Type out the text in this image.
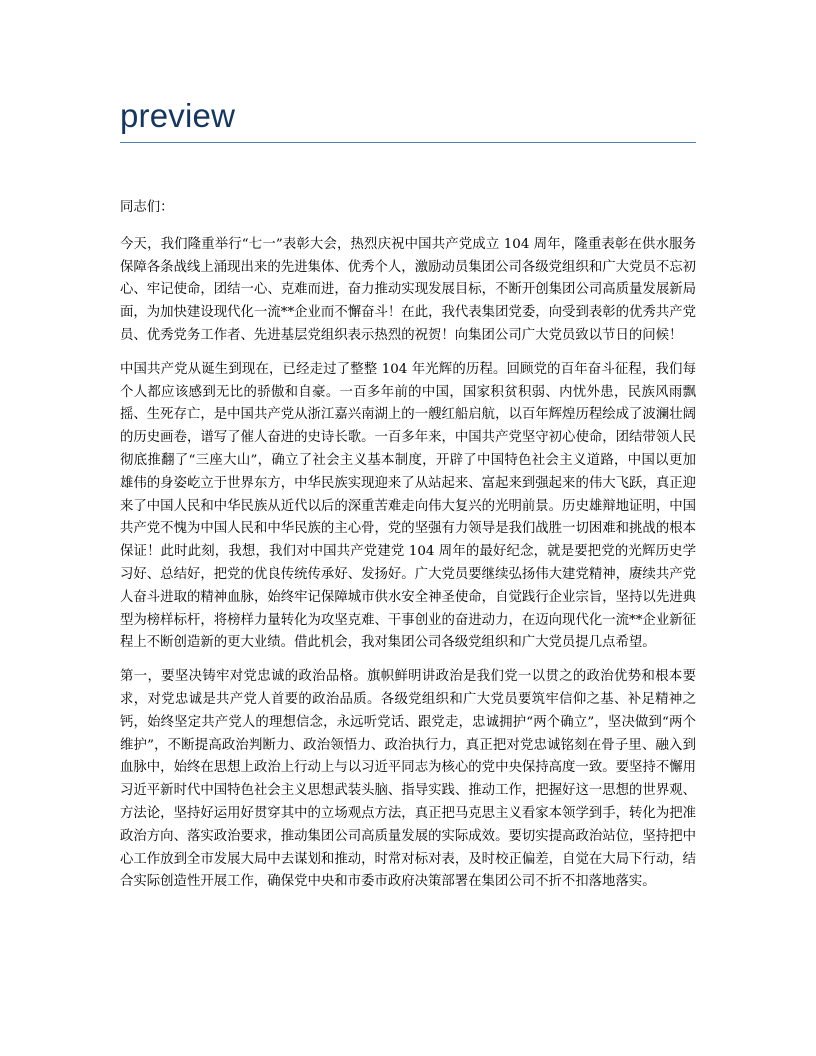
preview

同志们：

今天，我们隆重举行“七一”表彰大会，热烈庆祝中国共产党成立 104 周年，隆重表彰在供水服务保障各条战线上涌现出来的先进集体、优秀个人，激励动员集团公司各级党组织和广大党员不忘初心、牢记使命，团结一心、克难而进，奋力推动实现发展目标，不断开创集团公司高质量发展新局面，为加快建设现代化一流**企业而不懈奋斗！在此，我代表集团党委，向受到表彰的优秀共产党员、优秀党务工作者、先进基层党组织表示热烈的祝贺！向集团公司广大党员致以节日的问候！

中国共产党从诞生到现在，已经走过了整整 104 年光辉的历程。回顾党的百年奋斗征程，我们每个人都应该感到无比的骄傲和自豪。一百多年前的中国，国家积贫积弱、内忧外患，民族风雨飘摇、生死存亡，是中国共产党从浙江嘉兴南湖上的一艘红船启航，以百年辉煌历程绘成了波澜壮阔的历史画卷，谱写了催人奋进的史诗长歌。一百多年来，中国共产党坚守初心使命，团结带领人民彻底推翻了“三座大山”，确立了社会主义基本制度，开辟了中国特色社会主义道路，中国以更加雄伟的身姿屹立于世界东方，中华民族实现迎来了从站起来、富起来到强起来的伟大飞跃，真正迎来了中国人民和中华民族从近代以后的深重苦难走向伟大复兴的光明前景。历史雄辩地证明，中国共产党不愧为中国人民和中华民族的主心骨，党的坚强有力领导是我们战胜一切困难和挑战的根本保证！此时此刻，我想，我们对中国共产党建党 104 周年的最好纪念，就是要把党的光辉历史学习好、总结好，把党的优良传统传承好、发扬好。广大党员要继续弘扬伟大建党精神，赓续共产党人奋斗进取的精神血脉，始终牢记保障城市供水安全神圣使命，自觉践行企业宗旨，坚持以先进典型为榜样标杆，将榜样力量转化为攻坚克难、干事创业的奋进动力，在迈向现代化一流**企业新征程上不断创造新的更大业绩。借此机会，我对集团公司各级党组织和广大党员提几点希望。

第一，要坚决铸牢对党忠诚的政治品格。旗帜鲜明讲政治是我们党一以贯之的政治优势和根本要求，对党忠诚是共产党人首要的政治品质。各级党组织和广大党员要筑牢信仰之基、补足精神之钙，始终坚定共产党人的理想信念，永远听党话、跟党走，忠诚拥护“两个确立”，坚决做到“两个维护”，不断提高政治判断力、政治领悟力、政治执行力，真正把对党忠诚铭刻在骨子里、融入到血脉中，始终在思想上政治上行动上与以习近平同志为核心的党中央保持高度一致。要坚持不懈用习近平新时代中国特色社会主义思想武装头脑、指导实践、推动工作，把握好这一思想的世界观、方法论，坚持好运用好贯穿其中的立场观点方法，真正把马克思主义看家本领学到手，转化为把准政治方向、落实政治要求，推动集团公司高质量发展的实际成效。要切实提高政治站位，坚持把中心工作放到全市发展大局中去谋划和推动，时常对标对表，及时校正偏差，自觉在大局下行动，结合实际创造性开展工作，确保党中央和市委市政府决策部署在集团公司不折不扣落地落实。
